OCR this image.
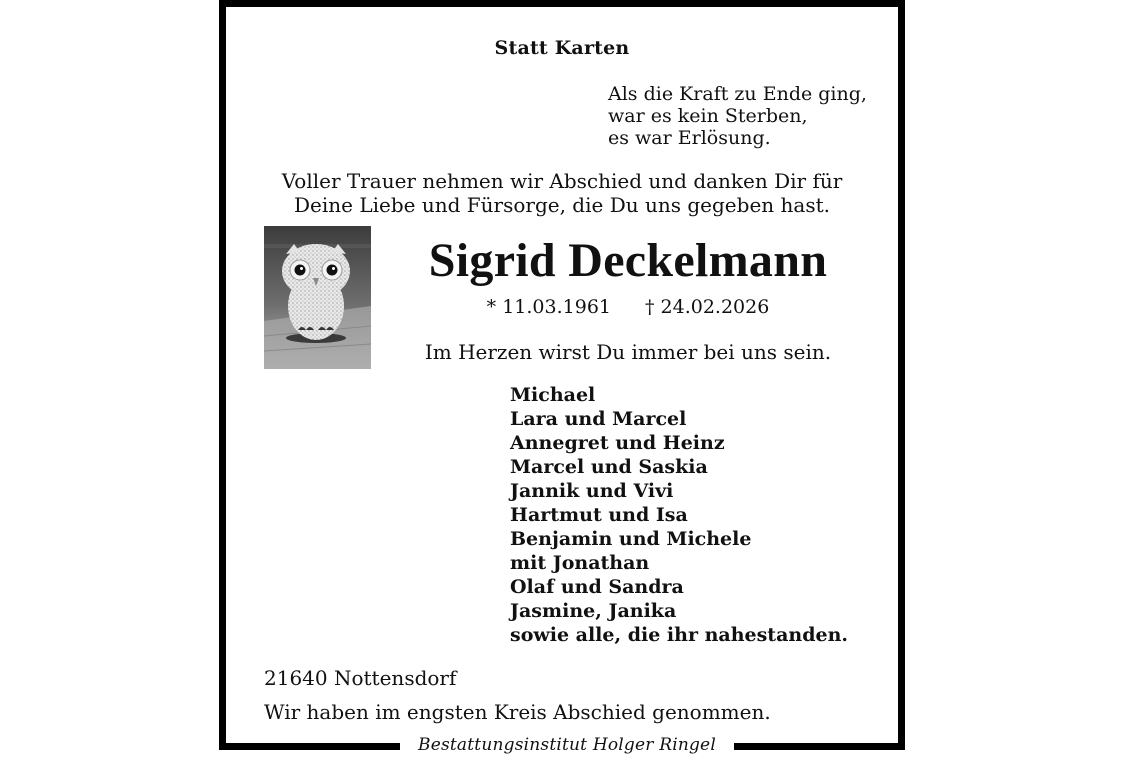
Statt Karten
Als die Kraft zu Ende ging,
war es kein Sterben,
es war Erlösung.
Voller Trauer nehmen wir Abschied und danken Dir für
Deine Liebe und Fürsorge, die Du uns gegeben hast.
Sigrid Deckelmann
* 11.03.1961 † 24.02.2026
Im Herzen wirst Du immer bei uns sein.
Michael
Lara und Marcel
Annegret und Heinz
Marcel und Saskia
Jannik und Vivi
Hartmut und Isa
Benjamin und Michele
mit Jonathan
Olaf und Sandra
Jasmine, Janika
sowie alle, die ihr nahestanden.
21640 Nottensdorf
Wir haben im engsten Kreis Abschied genommen.
Bestattungsinstitut Holger Ringel
